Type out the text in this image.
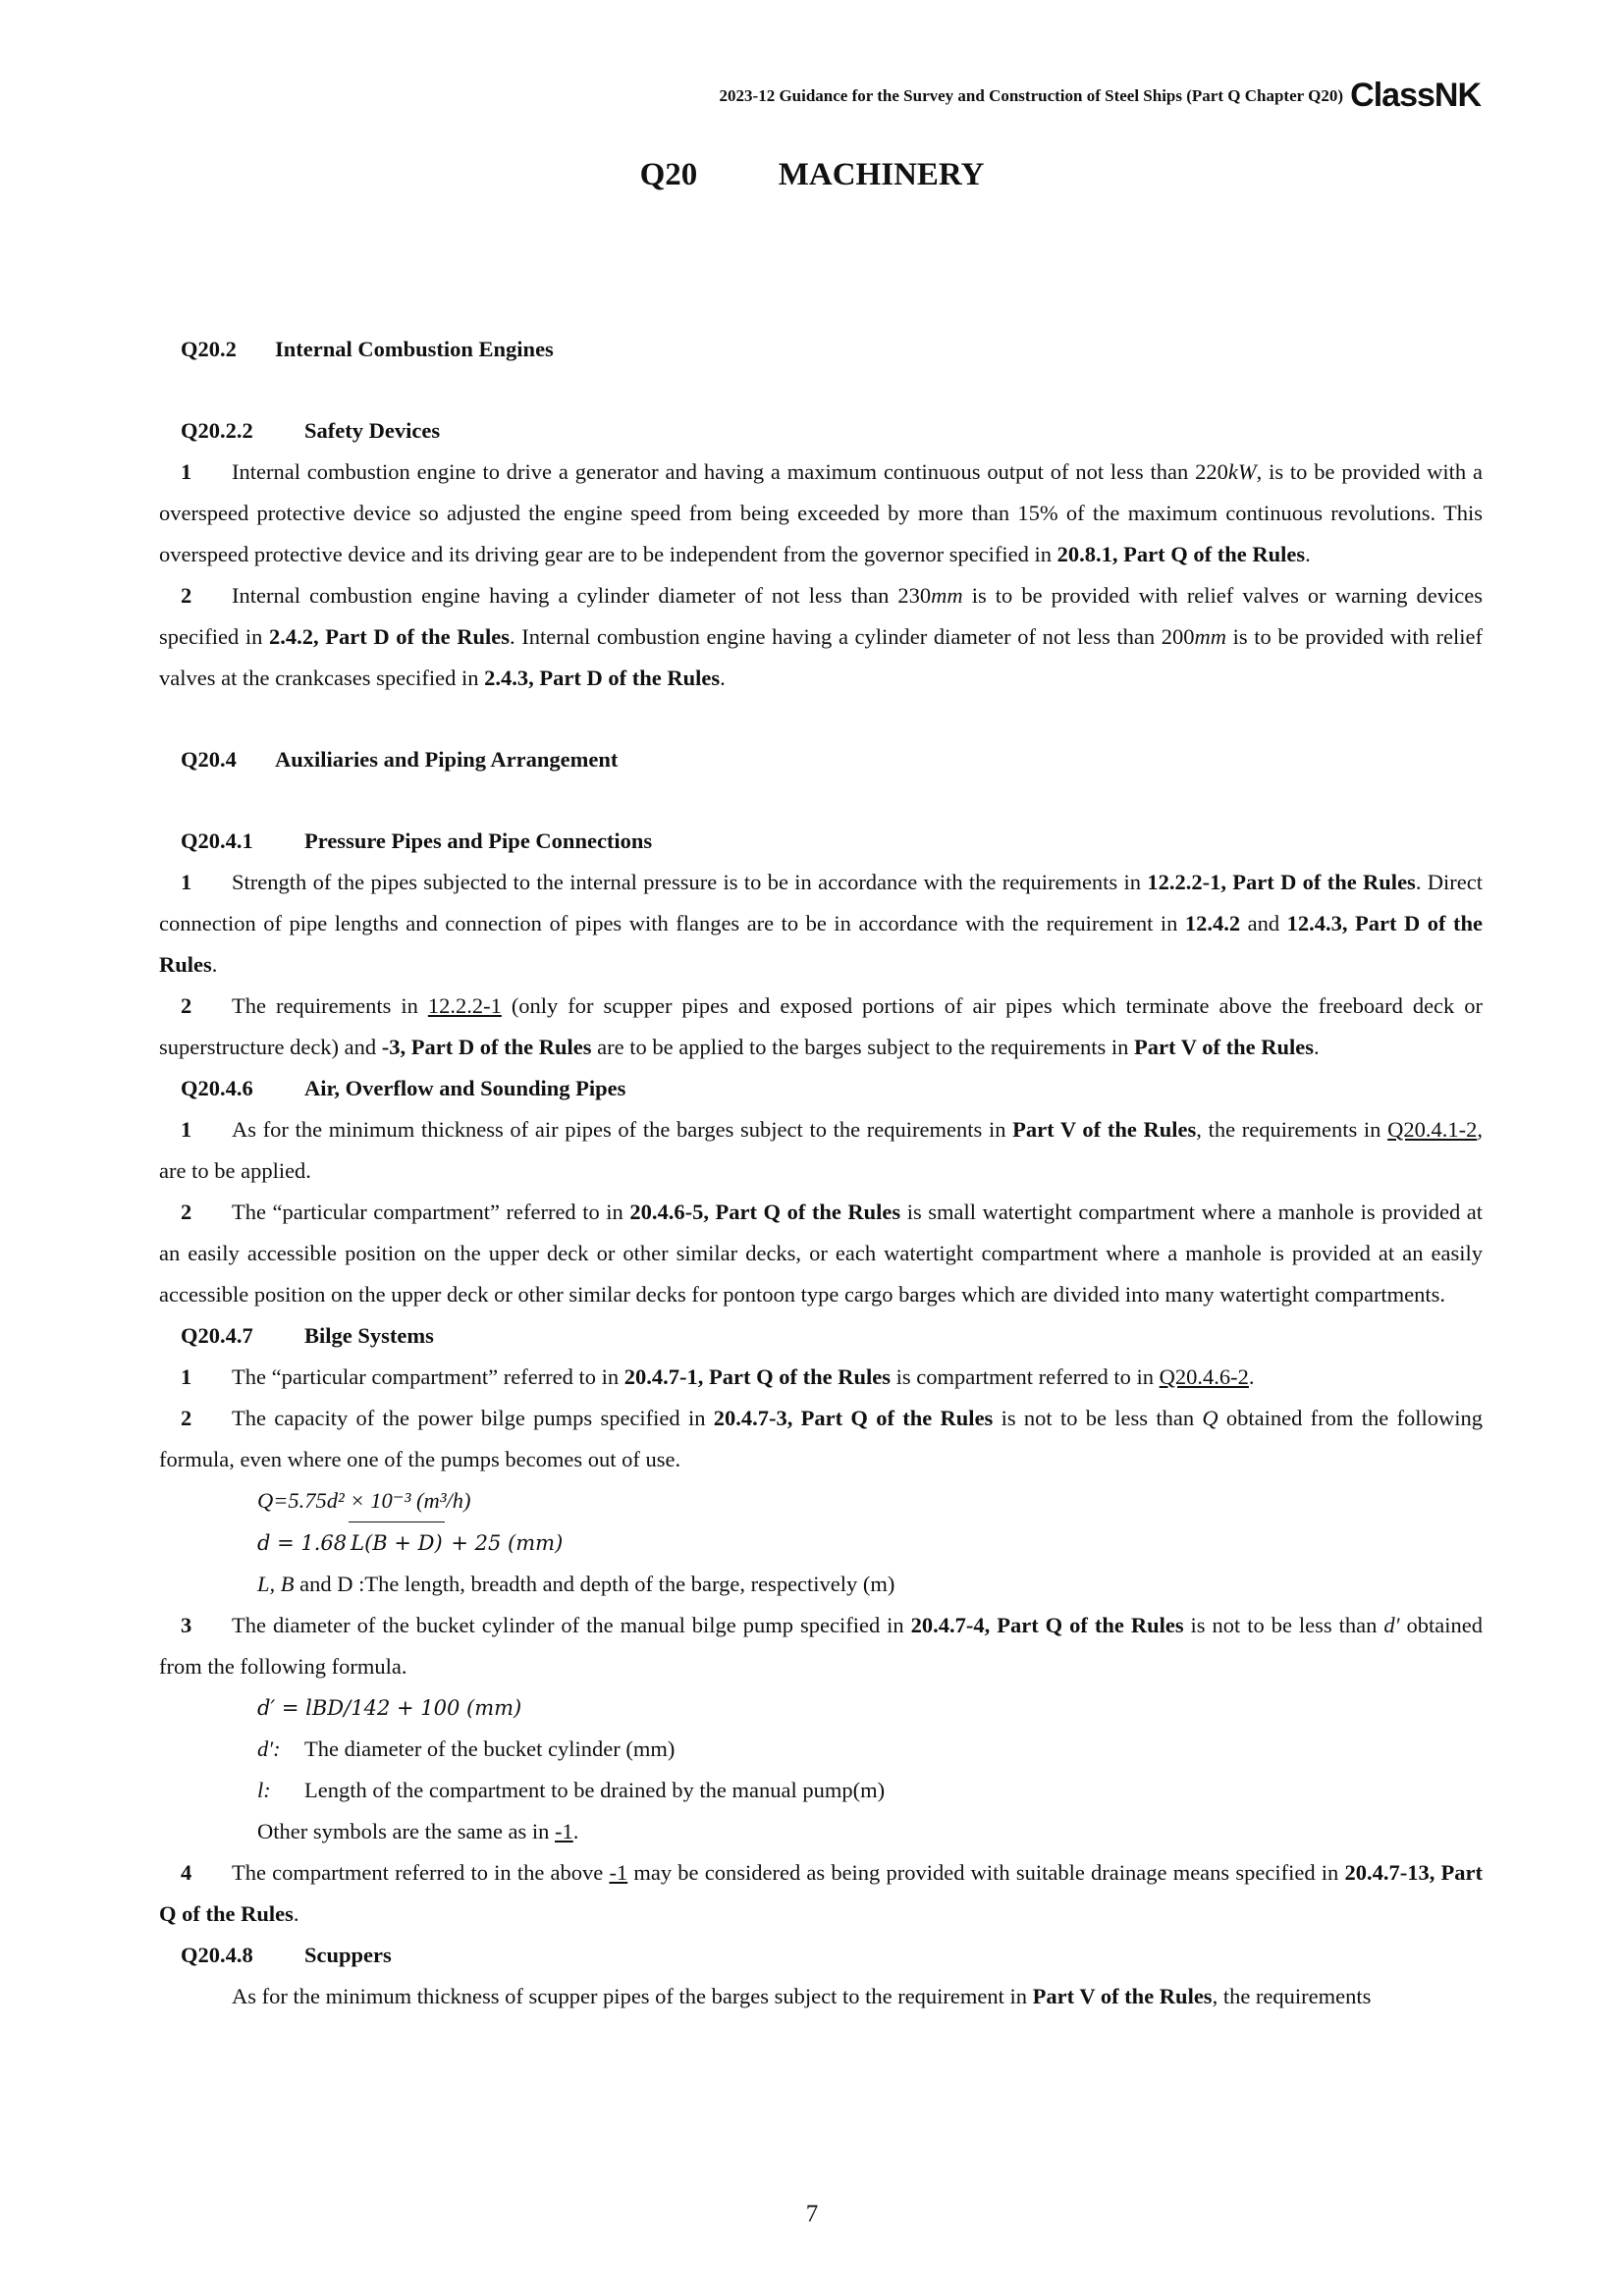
2023-12 Guidance for the Survey and Construction of Steel Ships (Part Q Chapter Q20) ClassNK
Q20          MACHINERY

Q20.2 Internal Combustion Engines

Q20.2.2 Safety Devices

1 Internal combustion engine to drive a generator and having a maximum continuous output of not less than 220kW, is to be provided with a overspeed protective device so adjusted the engine speed from being exceeded by more than 15% of the maximum continuous revolutions. This overspeed protective device and its driving gear are to be independent from the governor specified in 20.8.1, Part Q of the Rules.

2 Internal combustion engine having a cylinder diameter of not less than 230mm is to be provided with relief valves or warning devices specified in 2.4.2, Part D of the Rules. Internal combustion engine having a cylinder diameter of not less than 200mm is to be provided with relief valves at the crankcases specified in 2.4.3, Part D of the Rules.

Q20.4 Auxiliaries and Piping Arrangement

Q20.4.1 Pressure Pipes and Pipe Connections

1 Strength of the pipes subjected to the internal pressure is to be in accordance with the requirements in 12.2.2-1, Part D of the Rules. Direct connection of pipe lengths and connection of pipes with flanges are to be in accordance with the requirement in 12.4.2 and 12.4.3, Part D of the Rules.

2 The requirements in 12.2.2-1 (only for scupper pipes and exposed portions of air pipes which terminate above the freeboard deck or superstructure deck) and -3, Part D of the Rules are to be applied to the barges subject to the requirements in Part V of the Rules.

Q20.4.6 Air, Overflow and Sounding Pipes

1 As for the minimum thickness of air pipes of the barges subject to the requirements in Part V of the Rules, the requirements in Q20.4.1-2, are to be applied.

2 The “particular compartment” referred to in 20.4.6-5, Part Q of the Rules is small watertight compartment where a manhole is provided at an easily accessible position on the upper deck or other similar decks, or each watertight compartment where a manhole is provided at an easily accessible position on the upper deck or other similar decks for pontoon type cargo barges which are divided into many watertight compartments.

Q20.4.7 Bilge Systems

1 The “particular compartment” referred to in 20.4.7-1, Part Q of the Rules is compartment referred to in Q20.4.6-2.

2 The capacity of the power bilge pumps specified in 20.4.7-3, Part Q of the Rules is not to be less than Q obtained from the following formula, even where one of the pumps becomes out of use.

Q=5.75d² × 10⁻³ (m³/h)

d = 1.68 L(B + D) + 25 (mm)

L, B and D :The length, breadth and depth of the barge, respectively (m)

3 The diameter of the bucket cylinder of the manual bilge pump specified in 20.4.7-4, Part Q of the Rules is not to be less than d′ obtained from the following formula.

d′ = lBD/142 + 100 (mm)

d′: The diameter of the bucket cylinder (mm)

l: Length of the compartment to be drained by the manual pump(m)

Other symbols are the same as in -1.

4 The compartment referred to in the above -1 may be considered as being provided with suitable drainage means specified in 20.4.7-13, Part Q of the Rules.

Q20.4.8 Scuppers

As for the minimum thickness of scupper pipes of the barges subject to the requirement in Part V of the Rules, the requirements

7
